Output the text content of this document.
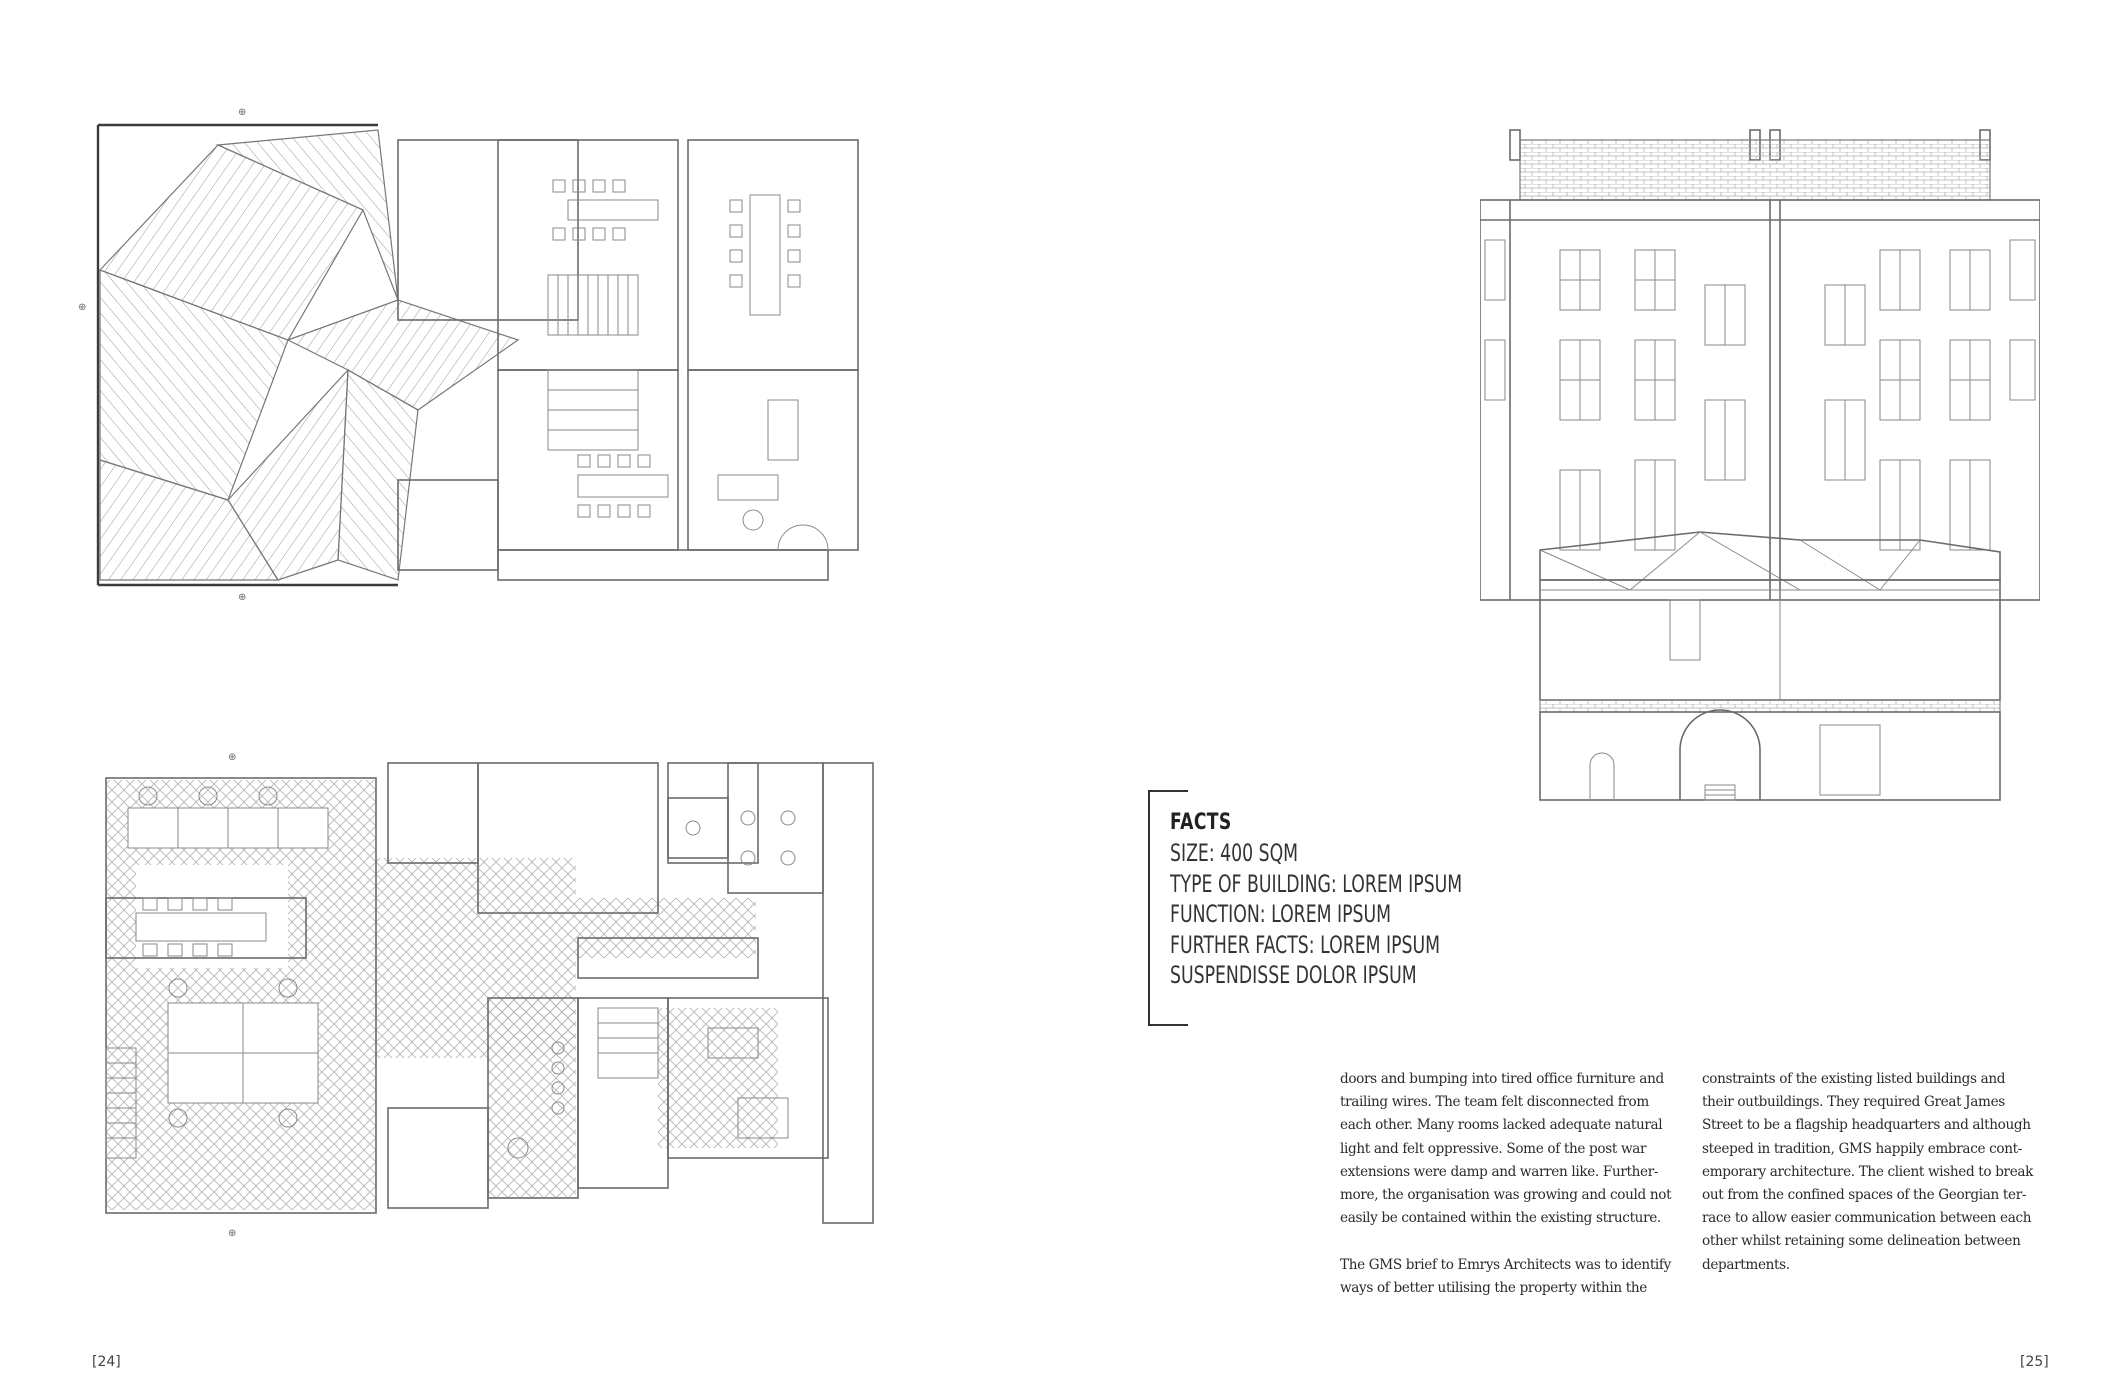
⊕
⊕
⊕
⊕
⊕
FACTS
SIZE: 400 SQM
TYPE OF BUILDING: LOREM IPSUM
FUNCTION: LOREM IPSUM
FURTHER FACTS: LOREM IPSUM
SUSPENDISSE DOLOR IPSUM
doors and bumping into tired office furniture and
trailing wires. The team felt disconnected from
each other. Many rooms lacked adequate natural
light and felt oppressive. Some of the post war
extensions were damp and warren like. Further-
more, the organisation was growing and could not
easily be contained within the existing structure.
The GMS brief to Emrys Architects was to identify
ways of better utilising the property within the
constraints of the existing listed buildings and
their outbuildings. They required Great James
Street to be a flagship headquarters and although
steeped in tradition, GMS happily embrace cont-
emporary architecture. The client wished to break
out from the confined spaces of the Georgian ter-
race to allow easier communication between each
other whilst retaining some delineation between
departments.
[24]	[25]
